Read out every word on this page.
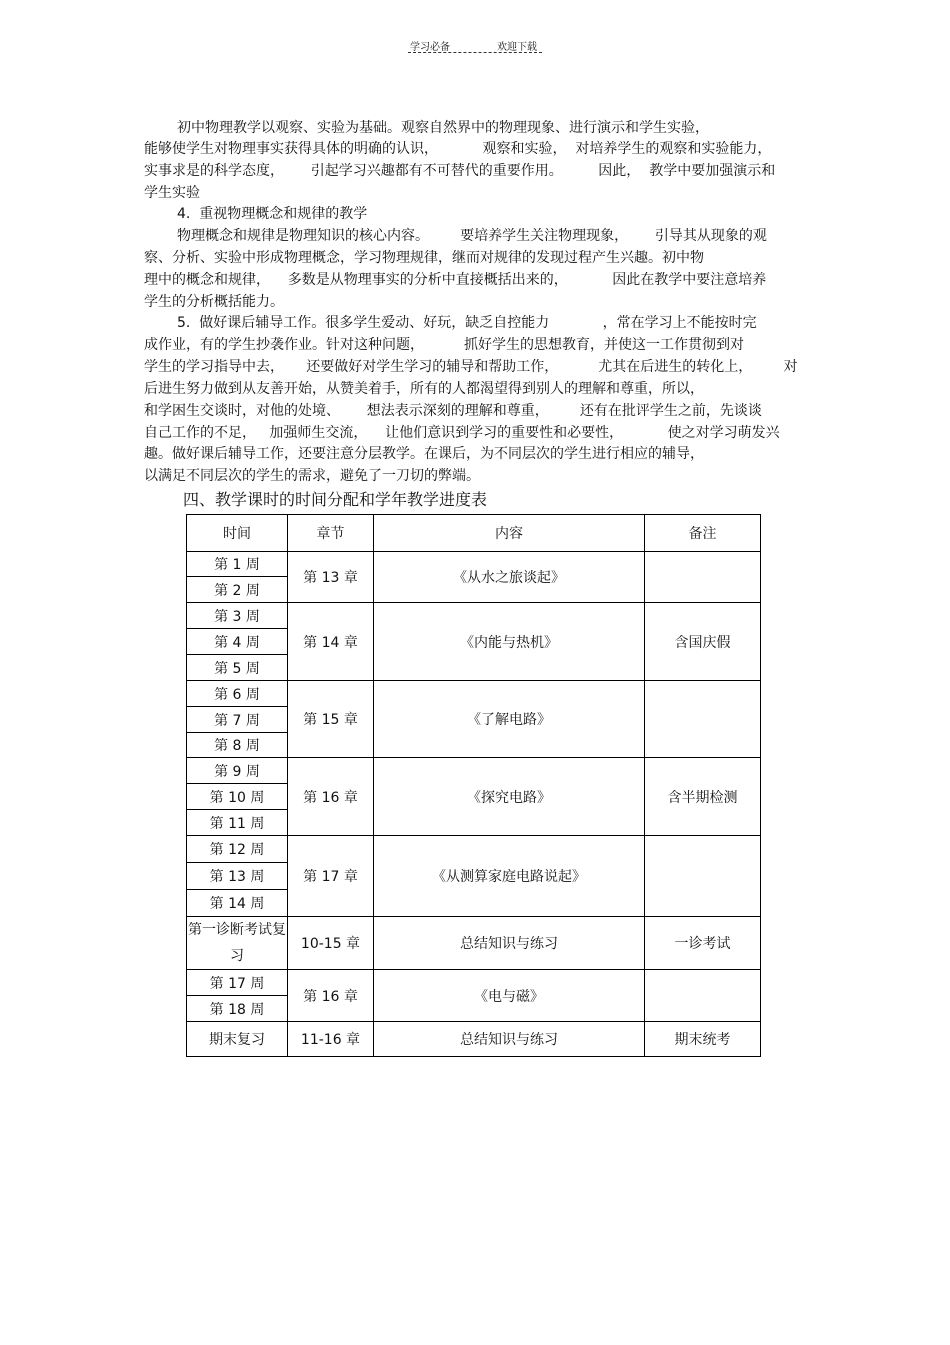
学习必备	欢迎下载
初中物理教学以观察、实验为基础。观察自然界中的物理现象、进行演示和学生实验，
能够使学生对物理事实获得具体的明确的认识，          观察和实验，  对培养学生的观察和实验能力，
实事求是的科学态度，      引起学习兴趣都有不可替代的重要作用。        因此，  教学中要加强演示和
学生实验
4.  重视物理概念和规律的教学
物理概念和规律是物理知识的核心内容。       要培养学生关注物理现象，      引导其从现象的观
察、分析、实验中形成物理概念，学习物理规律，继而对规律的发现过程产生兴趣。初中物
理中的概念和规律，    多数是从物理事实的分析中直接概括出来的，          因此在教学中要注意培养
学生的分析概括能力。
5.  做好课后辅导工作。很多学生爱动、好玩，缺乏自控能力            ，常在学习上不能按时完
成作业，有的学生抄袭作业。针对这种问题，         抓好学生的思想教育，并使这一工作贯彻到对
学生的学习指导中去，     还要做好对学生学习的辅导和帮助工作，         尤其在后进生的转化上，       对
后进生努力做到从友善开始，从赞美着手，所有的人都渴望得到别人的理解和尊重，所以，
和学困生交谈时，对他的处境、      想法表示深刻的理解和尊重，       还有在批评学生之前，先谈谈
自己工作的不足，   加强师生交流，    让他们意识到学习的重要性和必要性，          使之对学习萌发兴
趣。做好课后辅导工作，还要注意分层教学。在课后，为不同层次的学生进行相应的辅导，
以满足不同层次的学生的需求，避免了一刀切的弊端。
四、教学课时的时间分配和学年教学进度表
时间	章节	内容	备注
第 1 周	第 13 章	《从水之旅谈起》	
第 2 周			
第 3 周	第 14 章	《内能与热机》	含国庆假
第 4 周			
第 5 周			
第 6 周	第 15 章	《了解电路》	
第 7 周			
第 8 周			
第 9 周	第 16 章	《探究电路》	含半期检测
第 10 周			
第 11 周			
第 12 周	第 17 章	《从测算家庭电路说起》	
第 13 周			
第 14 周			
第一诊断考试复习	10-15 章	总结知识与练习	一诊考试
第 17 周	第 16 章	《电与磁》	
第 18 周			
期末复习	11-16 章	总结知识与练习	期末统考
